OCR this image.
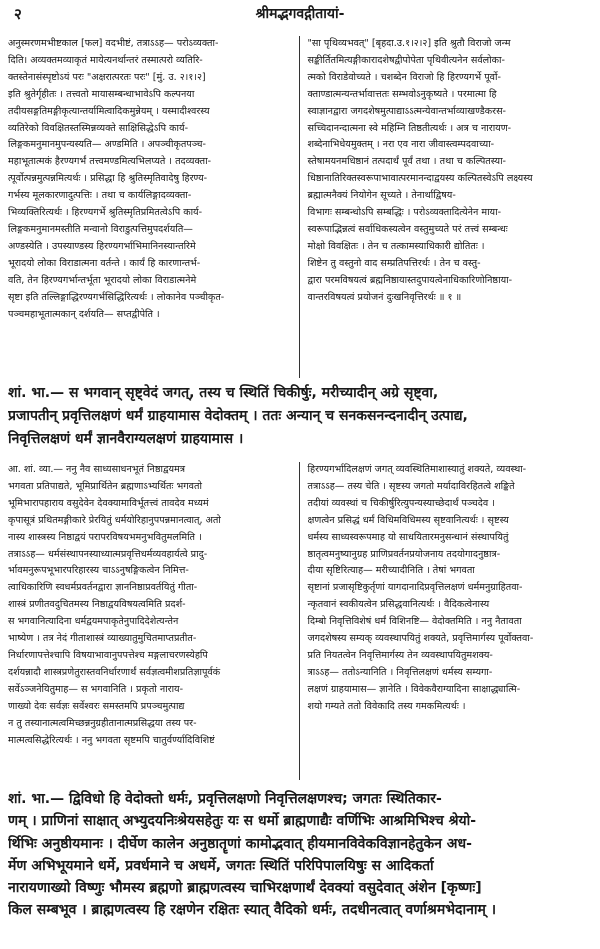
२	श्रीमद्भगवद्गीतायां-
अनुस्मरणमभीष्टकाल [फल] वदभीष्टं, तत्राऽऽह— परोऽव्यक्ता-
दिति। अव्यक्तमव्याकृतं मायेत्यनर्थान्तरं तस्मात्परो व्यतिरि-
क्तस्तेनासंस्पृष्टोऽयं परः "अक्षरात्परतः परः" [मुं. उ. २।१।२]
इति श्रुतेर्गृहीतः । तत्त्वतो मायासम्बन्धाभावेऽपि कल्पनया
तदीयसङ्गतिमङ्गीकृत्यान्तर्यामित्वादिकमुन्नेयम् । यस्मादीश्वरस्य
व्यतिरेको विवक्षितस्तस्मिन्नव्यक्ते साक्षिसिद्धेऽपि कार्य-
लिङ्गकमनुमानमुपन्यस्यति— अण्डमिति । अपञ्चीकृतपञ्च-
महाभूतात्मकं हैरण्यगर्भं तत्त्वमण्डमित्यभिलप्यते । तदव्यक्ता-
त्पूर्वोत्पन्नमुत्पन्नमित्यर्थः । प्रसिद्धा हि श्रुतिस्मृतिवादेषु हिरण्य-
गर्भस्य मूलकारणादुत्पत्तिः । तथा च कार्यलिङ्गादव्यक्ता-
भिव्यक्तिरित्यर्थः । हिरण्यगर्भे श्रुतिस्मृतिप्रमितत्वेऽपि कार्य-
लिङ्गकमनुमानमस्तीति मन्वानो विराडुत्पत्तिमुपदर्शयति—
अण्डस्येति । उपस्याण्डस्य हिरण्यगर्भाभिमानिनस्यान्तरिमे
भूरादयो लोका विराडात्मना वर्तन्ते । कार्यं हि कारणान्तर्भ-
वति, तेन हिरण्यगर्भान्तर्भूता भूरादयो लोका विराडात्मनेमे
सृष्टा इति तल्लिङ्गाद्धिरण्यगर्भसिद्धिरित्यर्थः । लोकानेव पञ्चीकृत-
पञ्चमहाभूतात्मकान् दर्शयति— सप्तद्वीपेति ।
"सा पृथिव्यभवत्" [बृहदा.उ.१।२।२] इति श्रुतौ विराजो जन्म
सङ्कीर्तितमित्यङ्गीकारादशेषद्वीपोपेता पृथिवीत्यनेन सर्वलोका-
त्मको विराडेवोच्यते । चशब्देन विराजो हि हिरण्यगर्भे पूर्वो-
क्ताण्डात्मन्यन्तर्भावात्ततः सम्भवोऽनुकृष्यते । परमात्मा हि
स्वाज्ञानद्वारा जगदशेषमुत्पाद्याऽऽत्मन्येवान्तर्भाव्याखण्डैकरस-
सच्चिदानन्दात्मना स्वे महिम्नि तिष्ठतीत्यर्थः । अत्र च नारायण-
शब्देनाभिधेयमुक्तम् । नरा एव नारा जीवास्त्वम्पदवाच्या-
स्तेषामयनमधिष्ठानं तत्पदार्थं पूर्वं तथा । तथा च कल्पितस्या-
धिष्ठानातिरिक्तस्वरूपाभावात्परमानन्दाद्वयस्य कल्पितस्वेऽपि लक्ष्यस्य
ब्रह्मात्मनैक्यं नियोगेन सूच्यते । तेनार्थाद्विषय-
विभागः सम्बन्धोऽपि सम्बद्धिः । परोऽव्यक्तादित्येनेन माया-
स्वरूपाद्भिन्नत्वं सर्वाधिकस्यत्वेन वस्तुमुच्यते परं तत्त्वं सम्बन्धः
मोक्षो विवक्षितः । तेन च तत्कामस्याधिकारी द्योतितः ।
शिष्टेन तु वस्तुनो वाद सम्प्रतिपत्तिरर्थः । तेन च वस्तु-
द्वारा परमविषयत्वं ब्रह्मनिष्ठायास्तदुपायत्वेनाधिकारिणोनिष्ठाया-
वान्तरविषयत्वं प्रयोजनं दुःखनिवृत्तिरर्थः ॥ १ ॥
शां. भा.— स भगवान् सृष्ट्वेदं जगत्, तस्य च स्थितिं चिकीर्षुः, मरीच्यादीन् अग्रे सृष्ट्वा,
प्रजापतीन् प्रवृत्तिलक्षणं धर्मं ग्राहयामास वेदोक्तम् । ततः अन्यान् च सनकसनन्दनादीन् उत्पाद्य,
निवृत्तिलक्षणं धर्मं ज्ञानवैराग्यलक्षणं ग्राहयामास ।
आ. शां. व्या.— ननु नैव साध्यसाधनभूतं निष्ठाद्वयमत्र
भगवता प्रतिपाद्यते, भूमिप्रार्थितेन ब्रह्मणाऽभ्यर्थितः भगवतो
भूमिभारापहाराय वसुदेवेन देवक्यामाविर्भूतत्त्वं तावदेव मध्यमं
कृपासूत्रं प्रथितमङ्गीकारे प्रेरयितुं धर्मयोरिहानुपपन्नमानत्वात्, अतो
नास्य शास्त्रस्य निष्ठाद्वयं परापरविषयभमनुभवितुमलमिति ।
तत्राऽऽह— धर्मसंस्थापनस्याध्यात्मप्रवृत्तिधर्मव्यवहार्यत्वे प्रादु-
र्भावमनुरूपभूभारपरिहारस्य चाऽऽनुषङ्गिकत्वेन निमित्त-
त्वाधिकारिणि स्वधर्मप्रवर्तनद्वारा ज्ञाननिष्ठाप्रवर्तयितुं गीता-
शास्त्रं प्रणीतवदुचितमस्य निष्ठाद्वयविषयत्वमिति प्रदर्श-
स भगवानित्यादिना धर्मद्वयमपाकृतेनुपादिदेशेत्यन्तेन
भाष्येण । तत्र नेदं गीताशास्त्रं व्याख्यातुमुचितमाप्तप्रतीत-
निर्धारणापत्तेश्चापि विषयाभावानुपपत्तेश्च मङ्गलाचरणस्येहपि
दर्शयन्नादौ शास्त्रप्रणेतुरास्तवनिर्धारणार्थं सर्वज्ञत्वमीशप्रतिज्ञापूर्वकं
सर्वेऽञ्जनेयितुमाह— स भगवानिति । प्रकृतो नाराय-
णाख्यो देवः सर्वज्ञः सर्वेश्वरः समस्तमपि प्रपञ्चमुत्पाद्य
न तु तस्यानात्मत्वमिच्छन्ननुग्रहीतानात्मप्रसिद्धया तस्य पर-
मात्मत्वसिद्धेरित्यर्थः । ननु भगवता सृष्टमपि चातुर्वर्ण्यादिविशिष्टं
हिरण्यगर्भादिलक्षणं जगत् व्यवस्थितिमाशास्यातुं शक्यते, व्यवस्था-
तत्राऽऽह— तस्य चेति । सृष्टस्य जगतो मर्यादाविरहितत्वे शङ्किते
तदीयां व्यवस्थां च चिकीर्षुरित्युपन्यस्याच्छेदार्थं पञ्चदेव ।
क्षणत्वेन प्रसिद्धं धर्मं विधिमविधिमस्य सृष्टवानित्यर्थः । सृष्टस्य
धर्मस्य साध्यस्वरूपमाह यो साधयितारमनुसन्धानं संस्थापयितुं
ष्ठातृत्वमनुष्यानुग्रह प्राणिप्रवर्तनप्रयोजनाय तदयोगादनुष्ठात्र-
दीया सृष्टिरित्याह— मरीच्यादीनिति । तेषां भगवता
सृष्टानां प्रजासृष्टिकुर्तृणां यागदानादिप्रवृत्तिलक्षणं धर्ममनुग्राहितवा-
न्कृतवानं स्वकीयत्वेन प्रसिद्धवानित्यर्थः । वैदिकत्वेनास्य
दिम्बो निवृत्तिविशेषं धर्मं विशिनष्टि— वेदोक्तमिति । ननु नैतावता
जगदशेषस्य सम्यक् व्यवस्थापयितुं शक्यते, प्रवृत्तिमार्गस्य पूर्वोक्तवा-
प्रति नियतत्वेन निवृत्तिमार्गस्य तेन व्यवस्थापयितुमशक्य-
त्राऽऽह— ततोऽन्यानिति । निवृत्तिलक्षणं धर्मस्य सम्यगा-
लक्षणं ग्राहयामास— ज्ञानेति । विवेकवैराग्यादिना साक्षाद्ध्यात्मि-
शयो गम्यते ततो विवेकादि तस्य गमकमित्यर्थः ।
शां. भा.— द्विविधो हि वेदोक्तो धर्मः, प्रवृत्तिलक्षणो निवृत्तिलक्षणश्च; जगतः स्थितिकार-
णम् । प्राणिनां साक्षात् अभ्युदयनिःश्रेयसहेतुः यः स धर्मो ब्राह्मणाद्यैः वर्णिभिः आश्रमिभिश्च श्रेयो-
र्थिभिः अनुष्ठीयमानः । दीर्घेण कालेन अनुष्ठातॄणां कामोद्भवात् हीयमानविवेकविज्ञानहेतुकेन अध-
र्मेण अभिभूयमाने धर्मे, प्रवर्धमाने च अधर्मे, जगतः स्थितिं परिपिपालयिषुः स आदिकर्ता
नारायणाख्यो विष्णुः भौमस्य ब्रह्मणो ब्राह्मणत्वस्य चाभिरक्षणार्थं देवक्यां वसुदेवात् अंशेन [कृष्णः]
किल सम्बभूव । ब्राह्मणत्वस्य हि रक्षणेन रक्षितः स्यात् वैदिको धर्मः, तदधीनत्वात् वर्णाश्रमभेदानाम् ।
